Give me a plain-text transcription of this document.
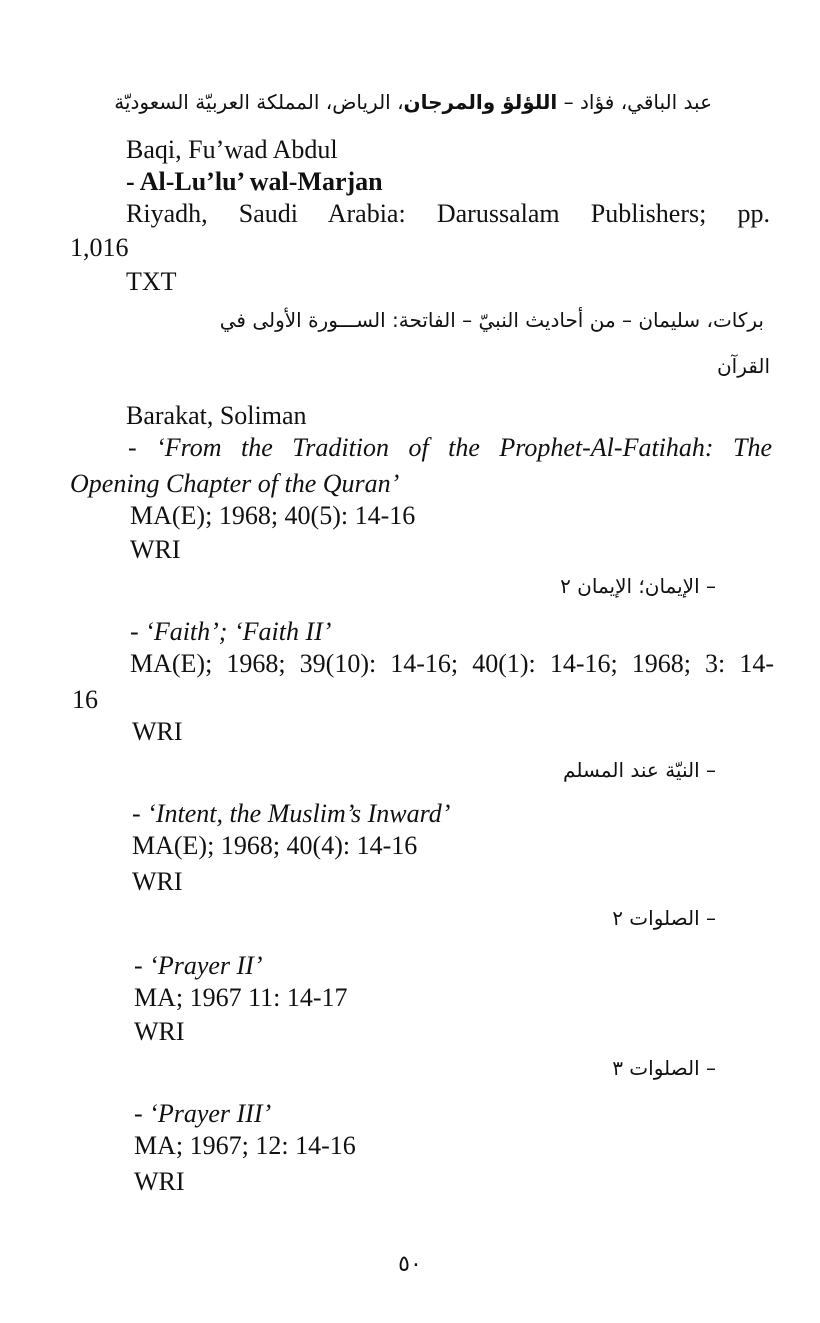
عبد الباقي، فؤاد – اللؤلؤ والمرجان، الرياض، المملكة العربيّة السعوديّة
Baqi, Fu’wad Abdul
- Al-Lu’lu’ wal-Marjan
Riyadh, Saudi Arabia: Darussalam Publishers; pp.
1,016
TXT
بركات، سليمان – من أحاديث النبيّ – الفاتحة: الســـورة الأولى في
القرآن
Barakat, Soliman
- ‘From the Tradition of the Prophet-Al-Fatihah: The
Opening Chapter of the Quran’
MA(E); 1968; 40(5): 14-16
WRI
– الإيمان؛ الإيمان ٢
- ‘Faith’; ‘Faith II’
MA(E); 1968; 39(10): 14-16; 40(1): 14-16; 1968; 3: 14-
16
WRI
– النيّة عند المسلم
- ‘Intent, the Muslim’s Inward’
MA(E); 1968; 40(4): 14-16
WRI
– الصلوات ٢
- ‘Prayer II’
MA; 1967 11: 14-17
WRI
– الصلوات ٣
- ‘Prayer III’
MA; 1967; 12: 14-16
WRI
٥٠
